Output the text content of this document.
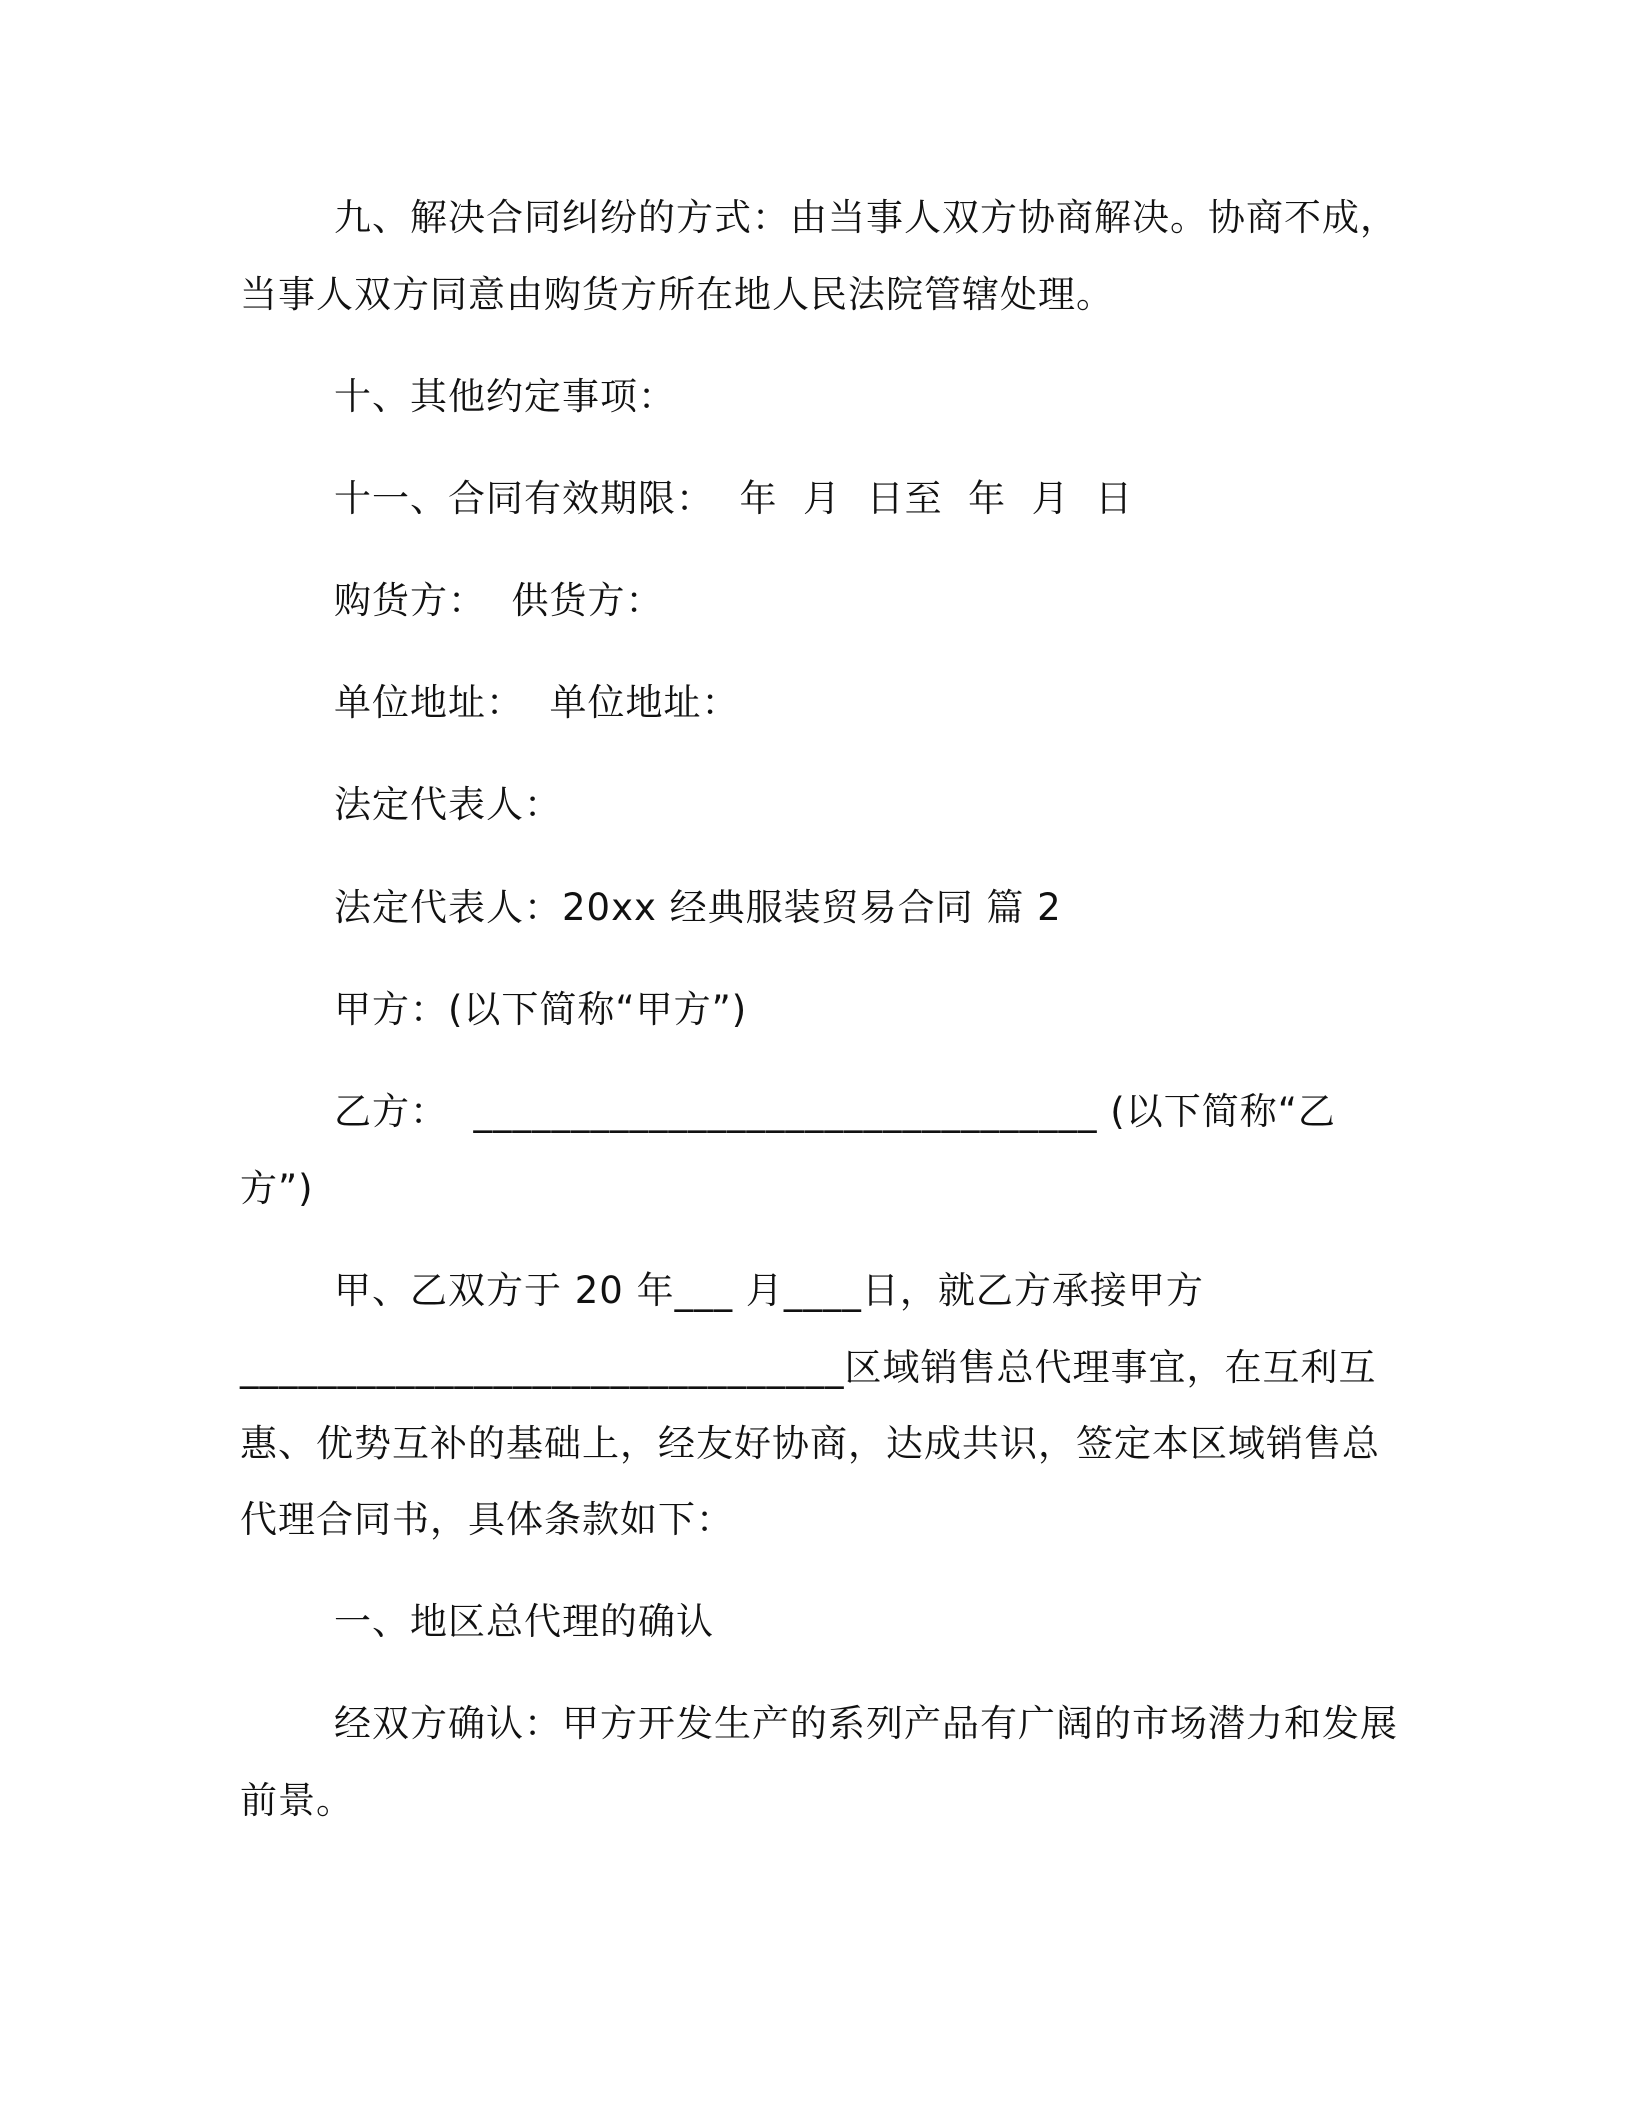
九、解决合同纠纷的方式：由当事人双方协商解决。协商不成，
当事人双方同意由购货方所在地人民法院管辖处理。
十、其他约定事项：
十一、合同有效期限：  年  月  日至  年  月  日
购货方：  供货方：
单位地址：  单位地址：
法定代表人：
法定代表人：20xx 经典服装贸易合同 篇 2
甲方：(以下简称“甲方”)
乙方：  ________________________________ (以下简称“乙
方”)
甲、乙双方于 20 年___ 月____日，就乙方承接甲方
_______________________________区域销售总代理事宜，在互利互
惠、优势互补的基础上，经友好协商，达成共识，签定本区域销售总
代理合同书，具体条款如下：
一、地区总代理的确认
经双方确认：甲方开发生产的系列产品有广阔的市场潜力和发展
前景。
